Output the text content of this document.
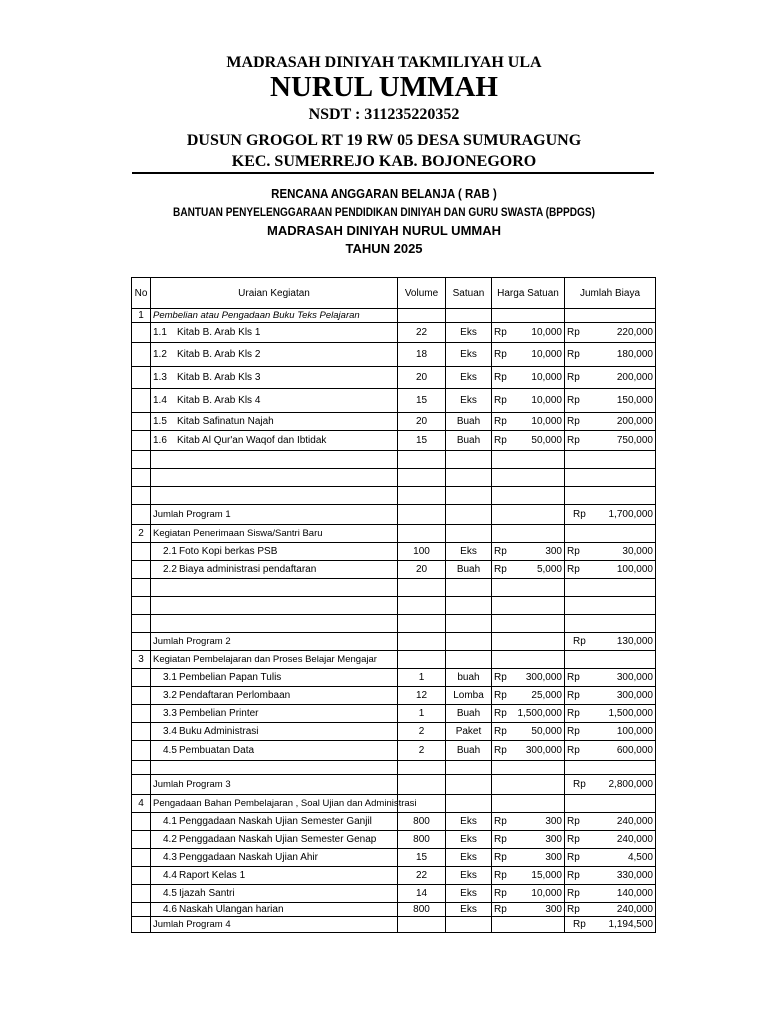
MADRASAH DINIYAH TAKMILIYAH ULA
NURUL UMMAH
NSDT : 311235220352
DUSUN GROGOL RT 19 RW 05 DESA SUMURAGUNG
KEC. SUMERREJO KAB. BOJONEGORO
RENCANA ANGGARAN BELANJA ( RAB )
BANTUAN PENYELENGGARAAN PENDIDIKAN DINIYAH DAN GURU SWASTA (BPPDGS)
MADRASAH DINIYAH NURUL UMMAH
TAHUN 2025
No	Uraian Kegiatan	Volume	Satuan	Harga Satuan	Jumlah Biaya
1	Pembelian atau Pengadaan Buku Teks Pelajaran				
	1.1 Kitab B. Arab Kls 1	22	Eks	Rp 10,000	Rp 220,000

	1.2 Kitab B. Arab Kls 2	18	Eks	Rp 10,000	Rp 180,000

	1.3 Kitab B. Arab Kls 3	20	Eks	Rp 10,000	Rp 200,000

	1.4 Kitab B. Arab Kls 4	15	Eks	Rp 10,000	Rp 150,000

	1.5 Kitab Safinatun Najah	20	Buah	Rp 10,000	Rp 200,000

	1.6 Kitab Al Qur'an Waqof dan Ibtidak	15	Buah	Rp 50,000	Rp 750,000

	Jumlah Program 1				Rp 1,700,000

2	Kegiatan Penerimaan Siswa/Santri Baru				
	2.1 Foto Kopi berkas PSB	100	Eks	Rp 300	Rp 30,000

	2.2 Biaya administrasi pendaftaran	20	Buah	Rp 5,000	Rp 100,000

	Jumlah Program 2				Rp 130,000

3	Kegiatan Pembelajaran dan Proses Belajar Mengajar				
	3.1 Pembelian Papan Tulis	1	buah	Rp 300,000	Rp 300,000

	3.2 Pendaftaran Perlombaan	12	Lomba	Rp 25,000	Rp 300,000

	3.3 Pembelian Printer	1	Buah	Rp 1,500,000	Rp 1,500,000

	3.4 Buku Administrasi	2	Paket	Rp 50,000	Rp 100,000

	4.5 Pembuatan Data	2	Buah	Rp 300,000	Rp 600,000

	Jumlah Program 3				Rp 2,800,000

4	Pengadaan Bahan Pembelajaran , Soal Ujian dan Administrasi				
	4.1 Penggadaan Naskah Ujian Semester Ganjil	800	Eks	Rp 300	Rp 240,000

	4.2 Penggadaan Naskah Ujian Semester Genap	800	Eks	Rp 300	Rp 240,000

	4.3 Penggadaan Naskah Ujian Ahir	15	Eks	Rp 300	Rp 4,500

	4.4 Raport Kelas 1	22	Eks	Rp 15,000	Rp 330,000

	4.5 Ijazah Santri	14	Eks	Rp 10,000	Rp 140,000

	4.6 Naskah Ulangan harian	800	Eks	Rp 300	Rp 240,000

	Jumlah Program 4				Rp 1,194,500
